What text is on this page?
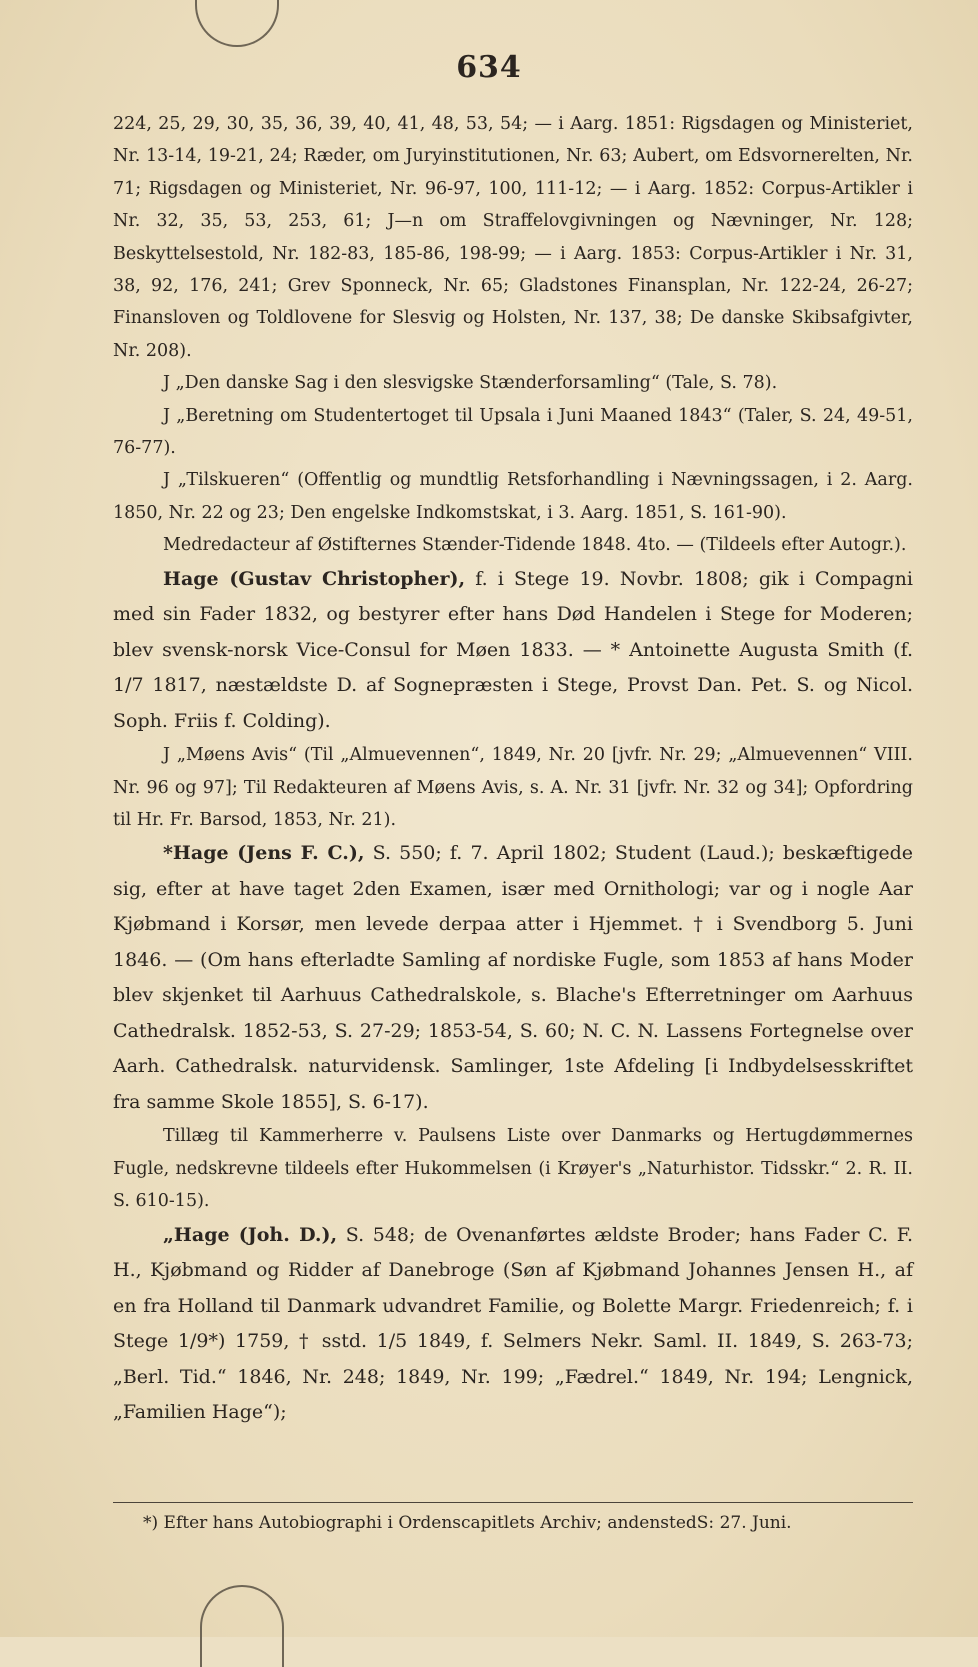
634

224, 25, 29, 30, 35, 36, 39, 40, 41, 48, 53, 54; — i Aarg. 1851: Rigsdagen og Ministeriet, Nr. 13-14, 19-21, 24; Ræder, om Juryinstitutionen, Nr. 63; Aubert, om Edsvornerelten, Nr. 71; Rigsdagen og Ministeriet, Nr. 96-97, 100, 111-12; — i Aarg. 1852: Corpus-Artikler i Nr. 32, 35, 53, 253, 61; J—n om Straffelovgivningen og Nævninger, Nr. 128; Beskyttelsestold, Nr. 182-83, 185-86, 198-99; — i Aarg. 1853: Corpus-Artikler i Nr. 31, 38, 92, 176, 241; Grev Sponneck, Nr. 65; Gladstones Finansplan, Nr. 122-24, 26-27; Finansloven og Toldlovene for Slesvig og Holsten, Nr. 137, 38; De danske Skibsafgivter, Nr. 208).

J „Den danske Sag i den slesvigske Stænderforsamling“ (Tale, S. 78).

J „Beretning om Studentertoget til Upsala i Juni Maaned 1843“ (Taler, S. 24, 49-51, 76-77).

J „Tilskueren“ (Offentlig og mundtlig Retsforhandling i Nævningssagen, i 2. Aarg. 1850, Nr. 22 og 23; Den engelske Indkomstskat, i 3. Aarg. 1851, S. 161-90).

Medredacteur af Østifternes Stænder-Tidende 1848. 4to. — (Tildeels efter Autogr.).

Hage (Gustav Christopher), f. i Stege 19. Novbr. 1808; gik i Compagni med sin Fader 1832, og bestyrer efter hans Død Handelen i Stege for Moderen; blev svensk-norsk Vice-Consul for Møen 1833. — * Antoinette Augusta Smith (f. 1/7 1817, næstældste D. af Sognepræsten i Stege, Provst Dan. Pet. S. og Nicol. Soph. Friis f. Colding).

J „Møens Avis“ (Til „Almuevennen“, 1849, Nr. 20 [jvfr. Nr. 29; „Almuevennen“ VIII. Nr. 96 og 97]; Til Redakteuren af Møens Avis, s. A. Nr. 31 [jvfr. Nr. 32 og 34]; Opfordring til Hr. Fr. Barsod, 1853, Nr. 21).

*Hage (Jens F. C.), S. 550; f. 7. April 1802; Student (Laud.); beskæftigede sig, efter at have taget 2den Examen, især med Ornithologi; var og i nogle Aar Kjøbmand i Korsør, men levede derpaa atter i Hjemmet. † i Svendborg 5. Juni 1846. — (Om hans efterladte Samling af nordiske Fugle, som 1853 af hans Moder blev skjenket til Aarhuus Cathedralskole, s. Blache's Efterretninger om Aarhuus Cathedralsk. 1852-53, S. 27-29; 1853-54, S. 60; N. C. N. Lassens Fortegnelse over Aarh. Cathedralsk. naturvidensk. Samlinger, 1ste Afdeling [i Indbydelsesskriftet fra samme Skole 1855], S. 6-17).

Tillæg til Kammerherre v. Paulsens Liste over Danmarks og Hertugdømmernes Fugle, nedskrevne tildeels efter Hukommelsen (i Krøyer's „Naturhistor. Tidsskr.“ 2. R. II. S. 610-15).

„Hage (Joh. D.), S. 548; de Ovenanførtes ældste Broder; hans Fader C. F. H., Kjøbmand og Ridder af Danebroge (Søn af Kjøbmand Johannes Jensen H., af en fra Holland til Danmark udvandret Familie, og Bolette Margr. Friedenreich; f. i Stege 1/9*) 1759, † sstd. 1/5 1849, f. Selmers Nekr. Saml. II. 1849, S. 263-73; „Berl. Tid.“ 1846, Nr. 248; 1849, Nr. 199; „Fædrel.“ 1849, Nr. 194; Lengnick, „Familien Hage“);

*) Efter hans Autobiographi i Ordenscapitlets Archiv; andenstedS: 27. Juni.
